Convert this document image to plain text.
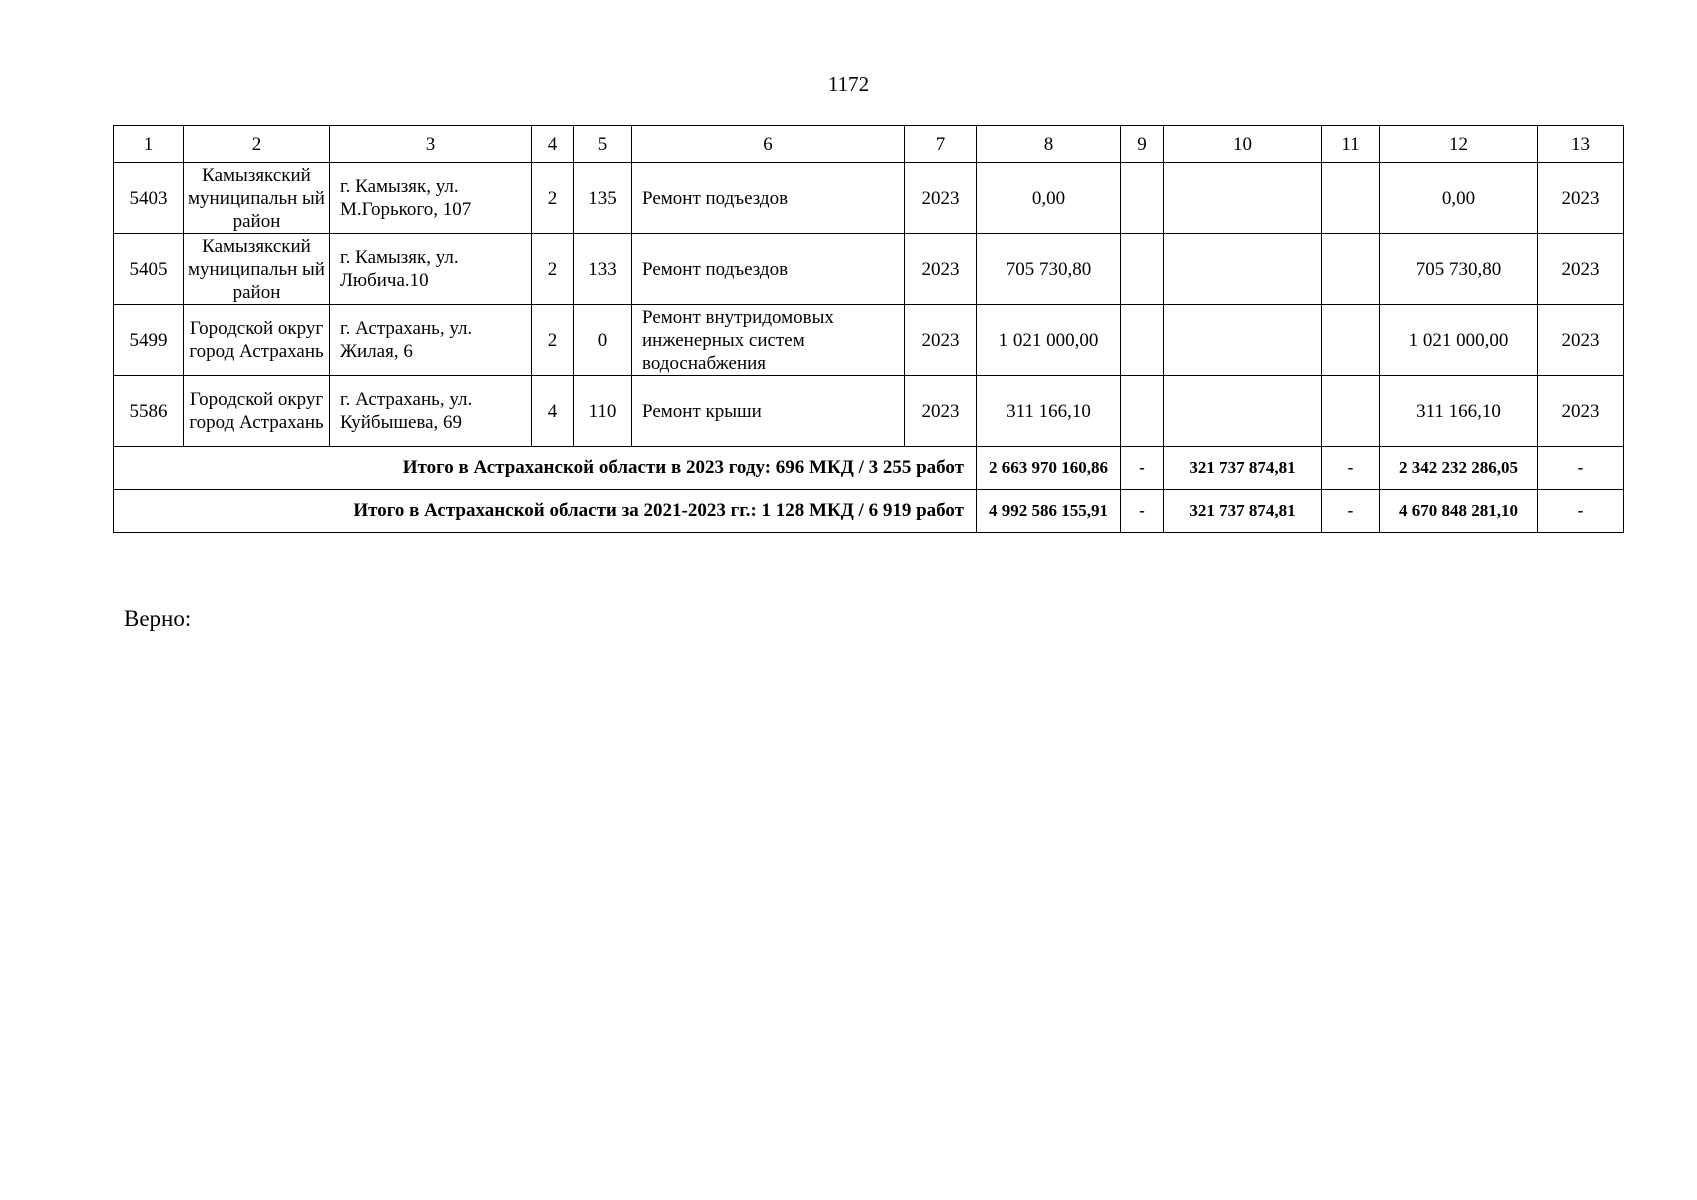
1172
1	2	3	4	5	6	7	8	9	10	11	12	13
5403	Камызякский муниципальн ый район	г. Камызяк, ул. М.Горького, 107	2	135	Ремонт подъездов	2023	0,00				0,00	2023
5405	Камызякский муниципальн ый район	г. Камызяк, ул. Любича.10	2	133	Ремонт подъездов	2023	705 730,80				705 730,80	2023
5499	Городской округ город Астрахань	г. Астрахань, ул. Жилая, 6	2	0	Ремонт внутридомовых инженерных систем водоснабжения	2023	1 021 000,00				1 021 000,00	2023
5586	Городской округ город Астрахань	г. Астрахань, ул. Куйбышева, 69	4	110	Ремонт крыши	2023	311 166,10				311 166,10	2023
Итого в Астраханской области в 2023 году: 696 МКД / 3 255 работ							2 663 970 160,86	-	321 737 874,81	-	2 342 232 286,05	-
Итого в Астраханской области за 2021-2023 гг.: 1 128 МКД / 6 919 работ							4 992 586 155,91	-	321 737 874,81	-	4 670 848 281,10	-
Верно:
